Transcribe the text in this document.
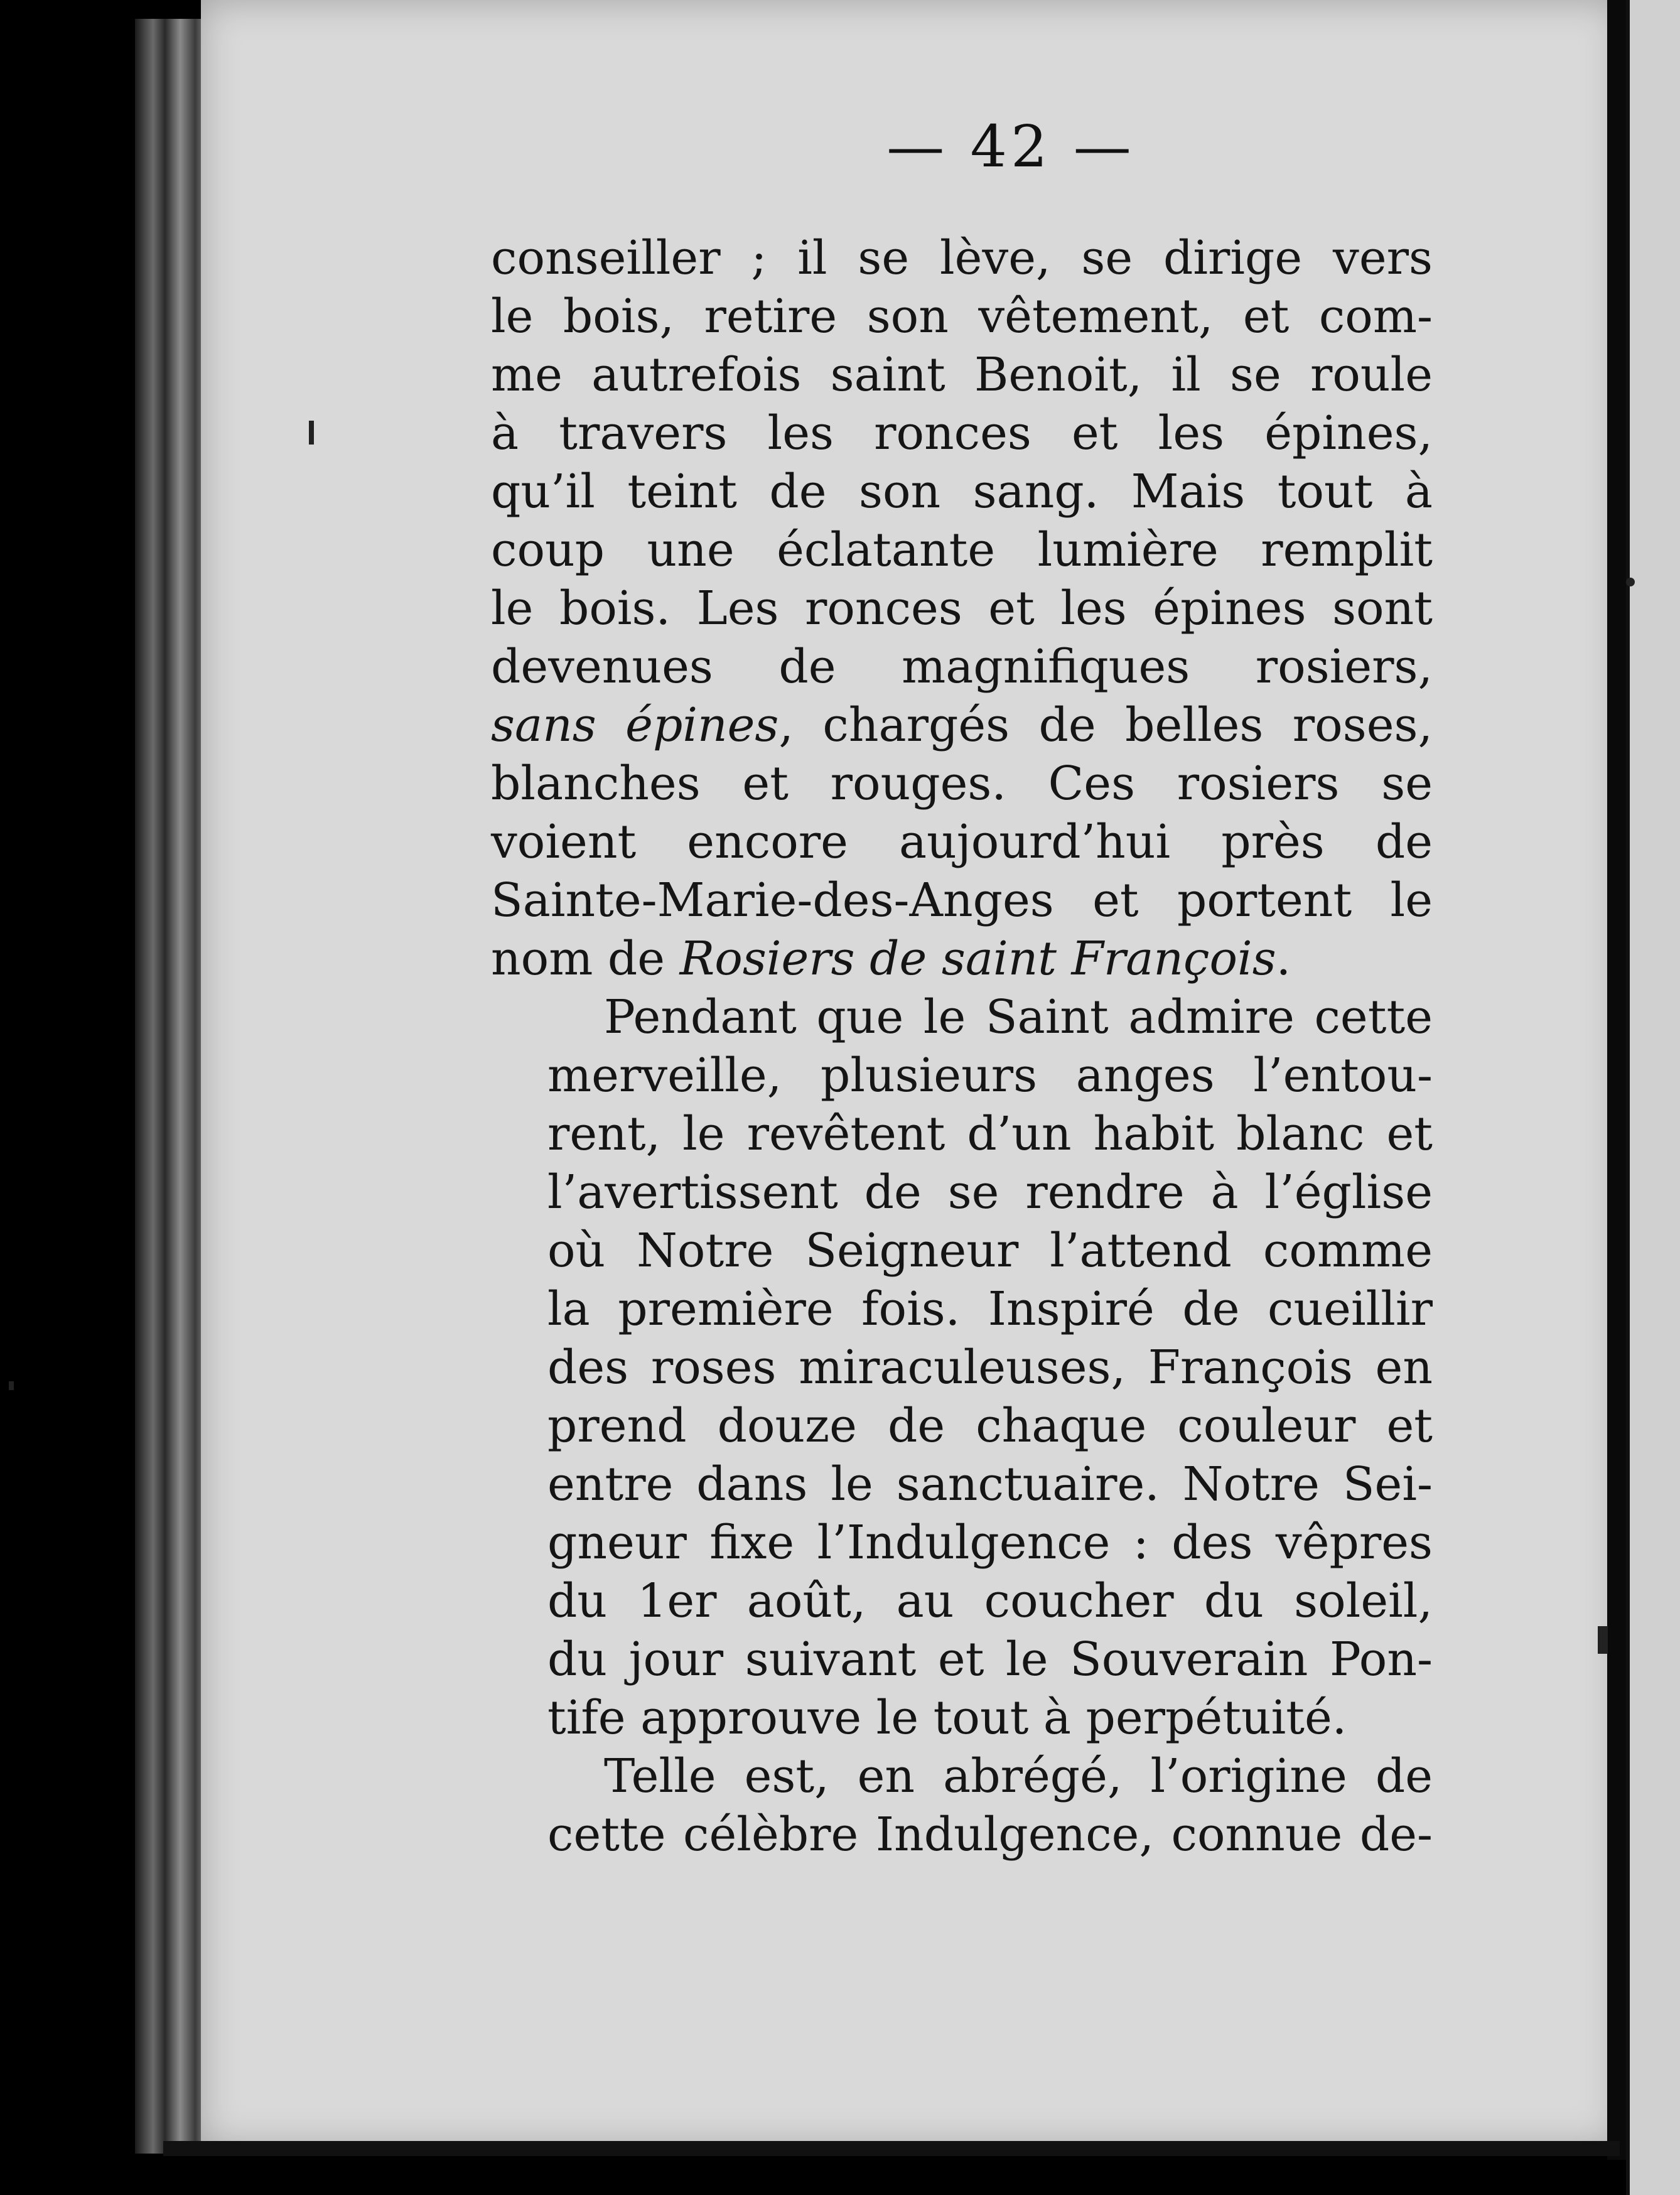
— 42 —

conseiller ; il se lève, se dirige vers
le bois, retire son vêtement, et com-
me autrefois saint Benoit, il se roule
à travers les ronces et les épines,
qu’il teint de son sang. Mais tout à
coup une éclatante lumière remplit
le bois. Les ronces et les épines sont
devenues de magnifiques rosiers,
sans épines, chargés de belles roses,
blanches et rouges. Ces rosiers se
voient encore aujourd’hui près de
Sainte-Marie-des-Anges et portent le
nom de Rosiers de saint François.

Pendant que le Saint admire cette
merveille, plusieurs anges l’entou-
rent, le revêtent d’un habit blanc et
l’avertissent de se rendre à l’église
où Notre Seigneur l’attend comme
la première fois. Inspiré de cueillir
des roses miraculeuses, François en
prend douze de chaque couleur et
entre dans le sanctuaire. Notre Sei-
gneur fixe l’Indulgence : des vêpres
du 1er août, au coucher du soleil,
du jour suivant et le Souverain Pon-
tife approuve le tout à perpétuité.

Telle est, en abrégé, l’origine de
cette célèbre Indulgence, connue de-
